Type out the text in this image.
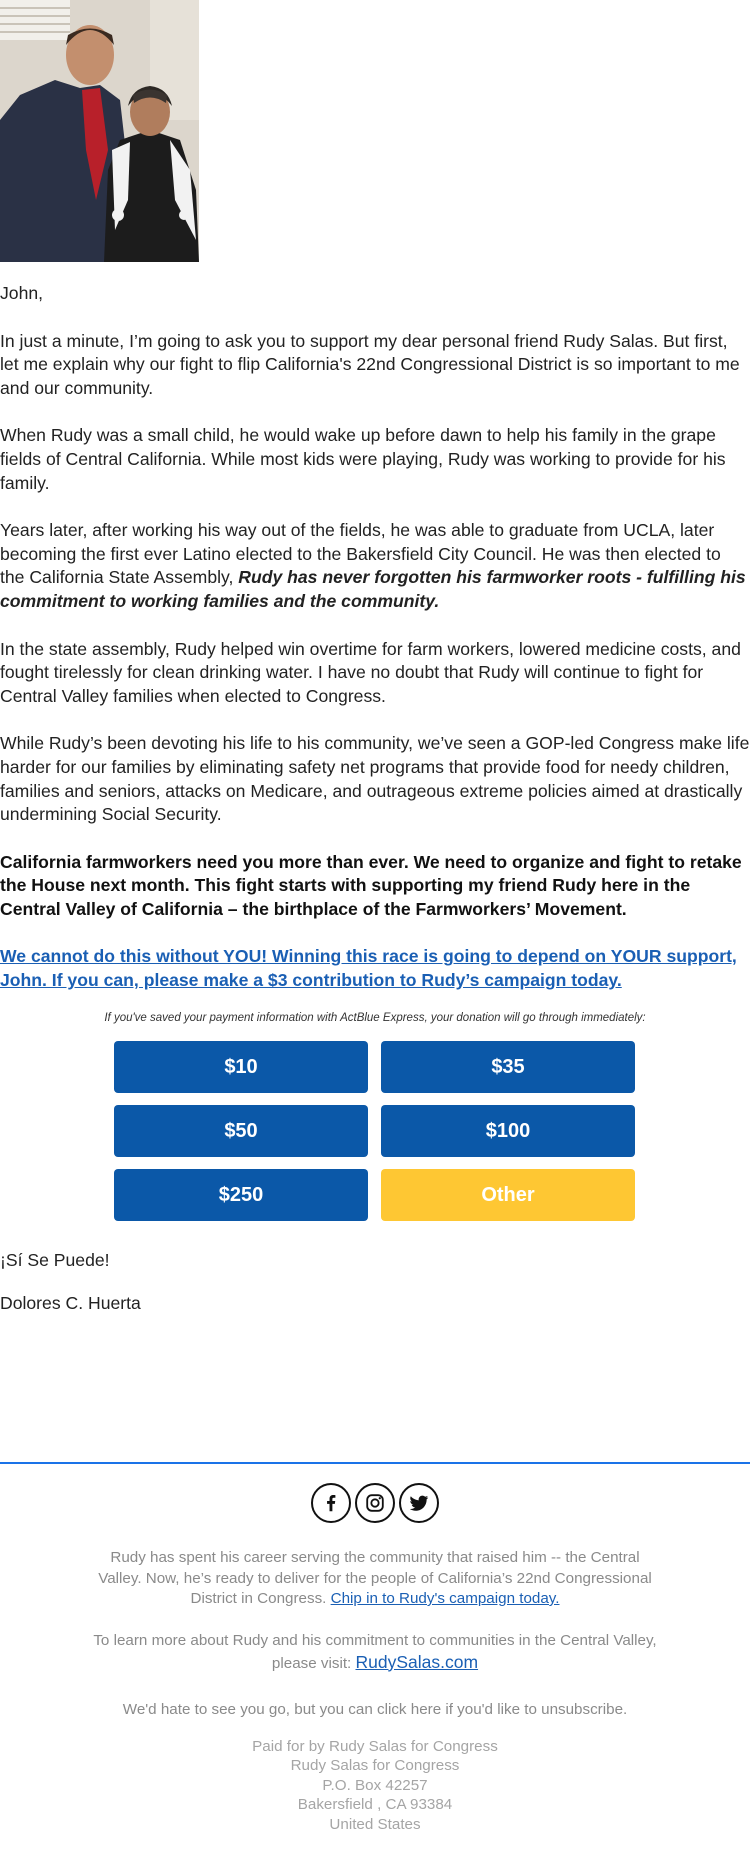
John,

In just a minute, I’m going to ask you to support my dear personal friend Rudy Salas. But first, let me explain why our fight to flip California's 22nd Congressional District is so important to me and our community.

When Rudy was a small child, he would wake up before dawn to help his family in the grape fields of Central California. While most kids were playing, Rudy was working to provide for his family.

Years later, after working his way out of the fields, he was able to graduate from UCLA, later becoming the first ever Latino elected to the Bakersfield City Council. He was then elected to the California State Assembly, Rudy has never forgotten his farmworker roots - fulfilling his commitment to working families and the community.

In the state assembly, Rudy helped win overtime for farm workers, lowered medicine costs, and fought tirelessly for clean drinking water. I have no doubt that Rudy will continue to fight for Central Valley families when elected to Congress.

While Rudy’s been devoting his life to his community, we’ve seen a GOP-led Congress make life harder for our families by eliminating safety net programs that provide food for needy children, families and seniors, attacks on Medicare, and outrageous extreme policies aimed at drastically undermining Social Security.

California farmworkers need you more than ever. We need to organize and fight to retake the House next month. This fight starts with supporting my friend Rudy here in the Central Valley of California – the birthplace of the Farmworkers’ Movement.

We cannot do this without YOU! Winning this race is going to depend on YOUR support, John. If you can, please make a $3 contribution to Rudy’s campaign today.

If you've saved your payment information with ActBlue Express, your donation will go through immediately:
$10	$35
$50	$100
$250	Other
¡Sí Se Puede!
Dolores C. Huerta
Rudy has spent his career serving the community that raised him -- the Central Valley. Now, he’s ready to deliver for the people of California’s 22nd Congressional District in Congress. Chip in to Rudy's campaign today.
To learn more about Rudy and his commitment to communities in the Central Valley, please visit: RudySalas.com
We'd hate to see you go, but you can click here if you'd like to unsubscribe.
Paid for by Rudy Salas for Congress
Rudy Salas for Congress
P.O. Box 42257
Bakersfield , CA 93384
United States
